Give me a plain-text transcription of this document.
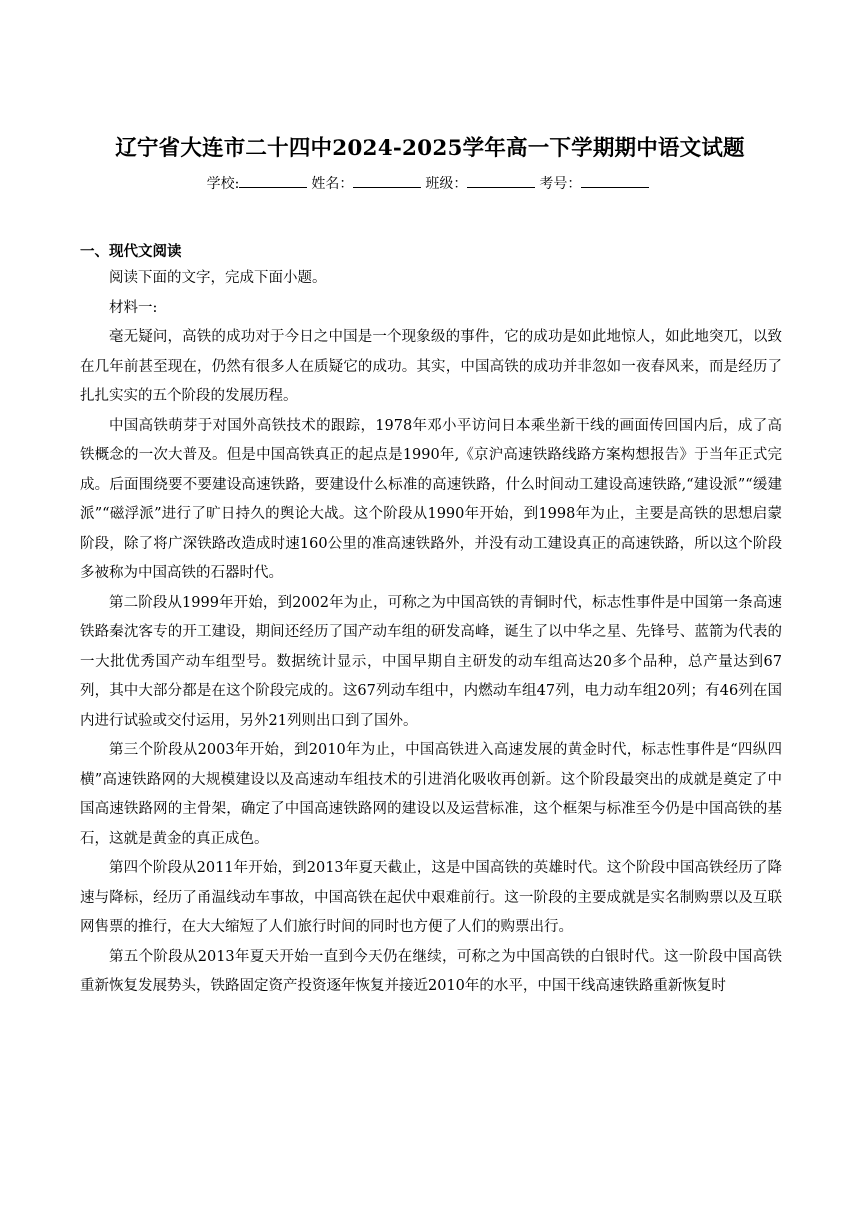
辽宁省大连市二十四中2024-2025学年高一下学期期中语文试题
学校:	姓名：	班级：	考号：
一、现代文阅读

阅读下面的文字，完成下面小题。

材料一:

毫无疑问，高铁的成功对于今日之中国是一个现象级的事件，它的成功是如此地惊人，如此地突兀，以致在几年前甚至现在，仍然有很多人在质疑它的成功。其实，中国高铁的成功并非忽如一夜春风来，而是经历了扎扎实实的五个阶段的发展历程。

中国高铁萌芽于对国外高铁技术的跟踪，1978年邓小平访问日本乘坐新干线的画面传回国内后，成了高铁概念的一次大普及。但是中国高铁真正的起点是1990年,《京沪高速铁路线路方案构想报告》于当年正式完成。后面围绕要不要建设高速铁路，要建设什么标准的高速铁路，什么时间动工建设高速铁路,“建设派”“缓建派”“磁浮派”进行了旷日持久的舆论大战。这个阶段从1990年开始，到1998年为止，主要是高铁的思想启蒙阶段，除了将广深铁路改造成时速160公里的准高速铁路外，并没有动工建设真正的高速铁路，所以这个阶段多被称为中国高铁的石器时代。

第二阶段从1999年开始，到2002年为止，可称之为中国高铁的青铜时代，标志性事件是中国第一条高速铁路秦沈客专的开工建设，期间还经历了国产动车组的研发高峰，诞生了以中华之星、先锋号、蓝箭为代表的一大批优秀国产动车组型号。数据统计显示，中国早期自主研发的动车组高达20多个品种，总产量达到67列，其中大部分都是在这个阶段完成的。这67列动车组中，内燃动车组47列，电力动车组20列；有46列在国内进行试验或交付运用，另外21列则出口到了国外。

第三个阶段从2003年开始，到2010年为止，中国高铁进入高速发展的黄金时代，标志性事件是“四纵四横”高速铁路网的大规模建设以及高速动车组技术的引进消化吸收再创新。这个阶段最突出的成就是奠定了中国高速铁路网的主骨架，确定了中国高速铁路网的建设以及运营标准，这个框架与标准至今仍是中国高铁的基石，这就是黄金的真正成色。

第四个阶段从2011年开始，到2013年夏天截止，这是中国高铁的英雄时代。这个阶段中国高铁经历了降速与降标，经历了甬温线动车事故，中国高铁在起伏中艰难前行。这一阶段的主要成就是实名制购票以及互联网售票的推行，在大大缩短了人们旅行时间的同时也方便了人们的购票出行。

第五个阶段从2013年夏天开始一直到今天仍在继续，可称之为中国高铁的白银时代。这一阶段中国高铁重新恢复发展势头，铁路固定资产投资逐年恢复并接近2010年的水平，中国干线高速铁路重新恢复时
